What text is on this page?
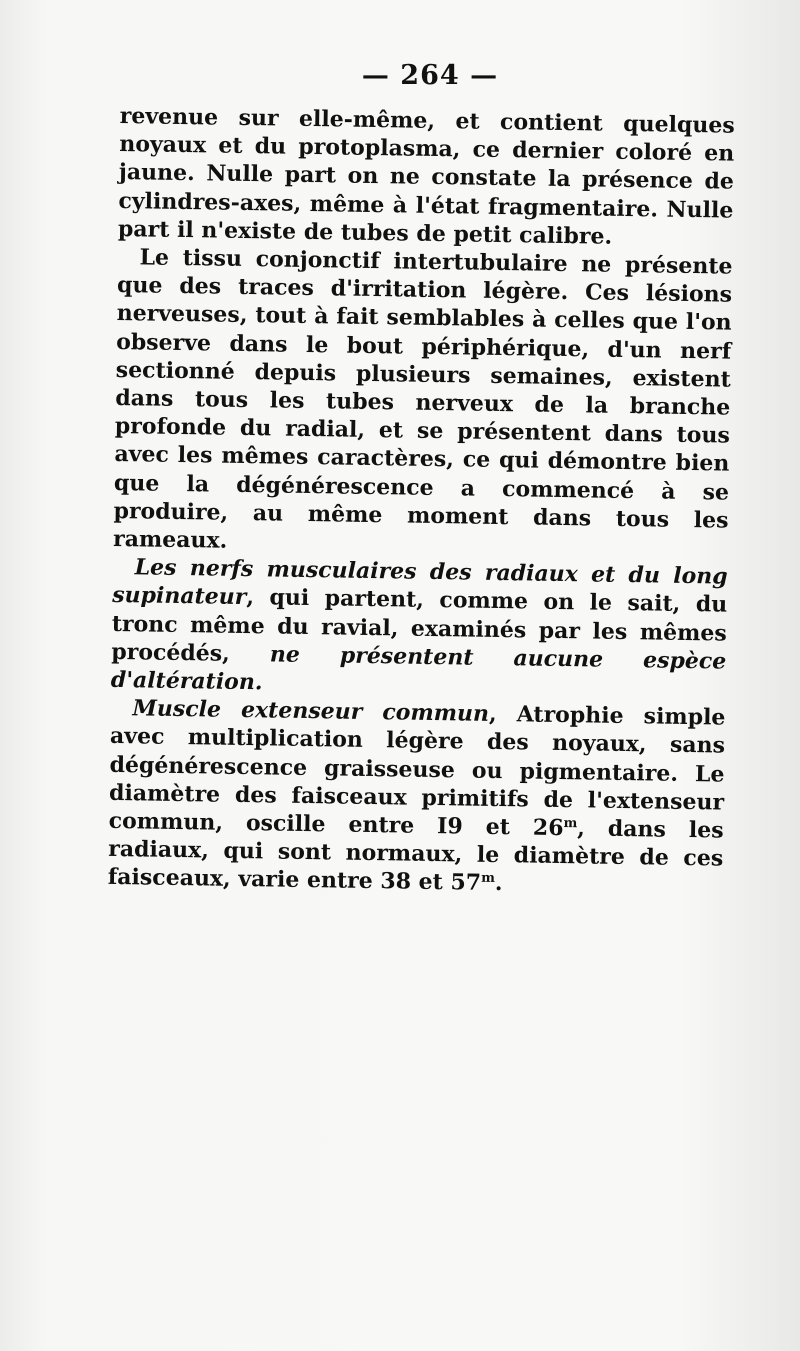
— 264 —

revenue sur elle-même, et contient quelques noyaux et du protoplasma, ce dernier coloré en jaune. Nulle part on ne constate la présence de cylindres-axes, même à l'état fragmentaire. Nulle part il n'existe de tubes de petit calibre.

Le tissu conjonctif intertubulaire ne présente que des traces d'irritation légère. Ces lésions nerveuses, tout à fait semblables à celles que l'on observe dans le bout périphérique, d'un nerf sectionné depuis plusieurs semaines, existent dans tous les tubes nerveux de la branche profonde du radial, et se présentent dans tous avec les mêmes caractères, ce qui démontre bien que la dégénérescence a commencé à se produire, au même moment dans tous les rameaux.

Les nerfs musculaires des radiaux et du long supinateur, qui partent, comme on le sait, du tronc même du ravial, examinés par les mêmes procédés, ne présentent aucune espèce d'altération.

Muscle extenseur commun, Atrophie simple avec multiplication légère des noyaux, sans dégénérescence graisseuse ou pigmentaire. Le diamètre des faisceaux primitifs de l'extenseur commun, oscille entre I9 et 26$^m$, dans les radiaux, qui sont normaux, le diamètre de ces faisceaux, varie entre 38 et 57$^m$.
